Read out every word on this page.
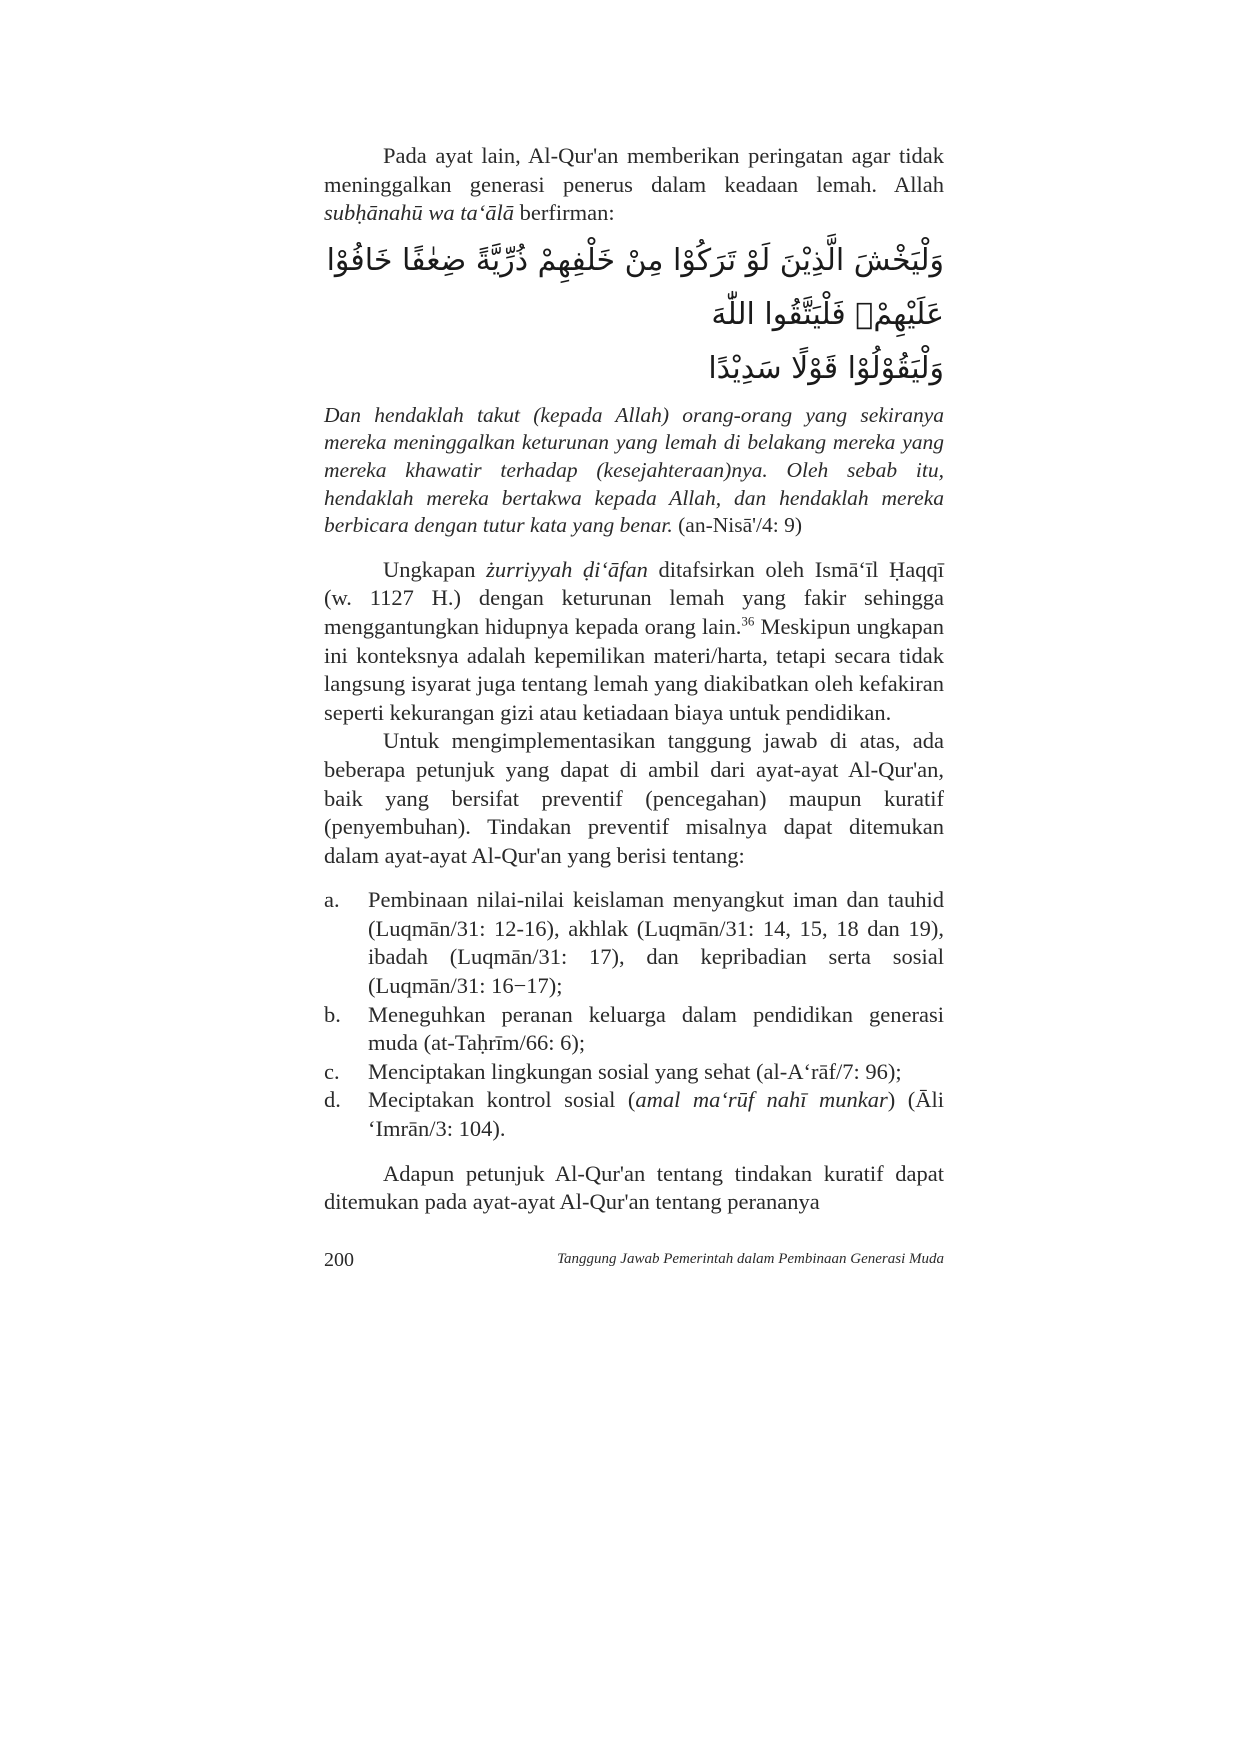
Pada ayat lain, Al-Qur'an memberikan peringatan agar tidak meninggalkan generasi penerus dalam keadaan lemah. Allah subḥānahū wa ta‘ālā berfirman:

وَلْيَخْشَ الَّذِيْنَ لَوْ تَرَكُوْا مِنْ خَلْفِهِمْ ذُرِّيَّةً ضِعٰفًا خَافُوْا عَلَيْهِمْۖ فَلْيَتَّقُوا اللّٰهَ
وَلْيَقُوْلُوْا قَوْلًا سَدِيْدًا

Dan hendaklah takut (kepada Allah) orang-orang yang sekiranya mereka meninggalkan keturunan yang lemah di belakang mereka yang mereka khawatir terhadap (kesejahteraan)nya. Oleh sebab itu, hendaklah mereka bertakwa kepada Allah, dan hendaklah mereka berbicara dengan tutur kata yang benar. (an-Nisā'/4: 9)

Ungkapan żurriyyah ḍi‘āfan ditafsirkan oleh Ismā‘īl Ḥaqqī (w. 1127 H.) dengan keturunan lemah yang fakir sehingga menggantungkan hidupnya kepada orang lain.$^{36}$ Meskipun ungkapan ini konteksnya adalah kepemilikan materi/harta, tetapi secara tidak langsung isyarat juga tentang lemah yang diakibatkan oleh kefakiran seperti kekurangan gizi atau ketiadaan biaya untuk pendidikan.

Untuk mengimplementasikan tanggung jawab di atas, ada beberapa petunjuk yang dapat di ambil dari ayat-ayat Al-Qur'an, baik yang bersifat preventif (pencegahan) maupun kuratif (penyembuhan). Tindakan preventif misalnya dapat ditemukan dalam ayat-ayat Al-Qur'an yang berisi tentang:

a.	Pembinaan nilai-nilai keislaman menyangkut iman dan tauhid (Luqmān/31: 12-16), akhlak (Luqmān/31: 14, 15, 18 dan 19), ibadah (Luqmān/31: 17), dan kepribadian serta sosial (Luqmān/31: 16−17);
b.	Meneguhkan peranan keluarga dalam pendidikan generasi muda (at-Taḥrīm/66: 6);
c.	Menciptakan lingkungan sosial yang sehat (al-A‘rāf/7: 96);
d.	Meciptakan kontrol sosial (amal ma‘rūf nahī munkar) (Āli ‘Imrān/3: 104).

Adapun petunjuk Al-Qur'an tentang tindakan kuratif dapat ditemukan pada ayat-ayat Al-Qur'an tentang perananya

200	Tanggung Jawab Pemerintah dalam Pembinaan Generasi Muda
